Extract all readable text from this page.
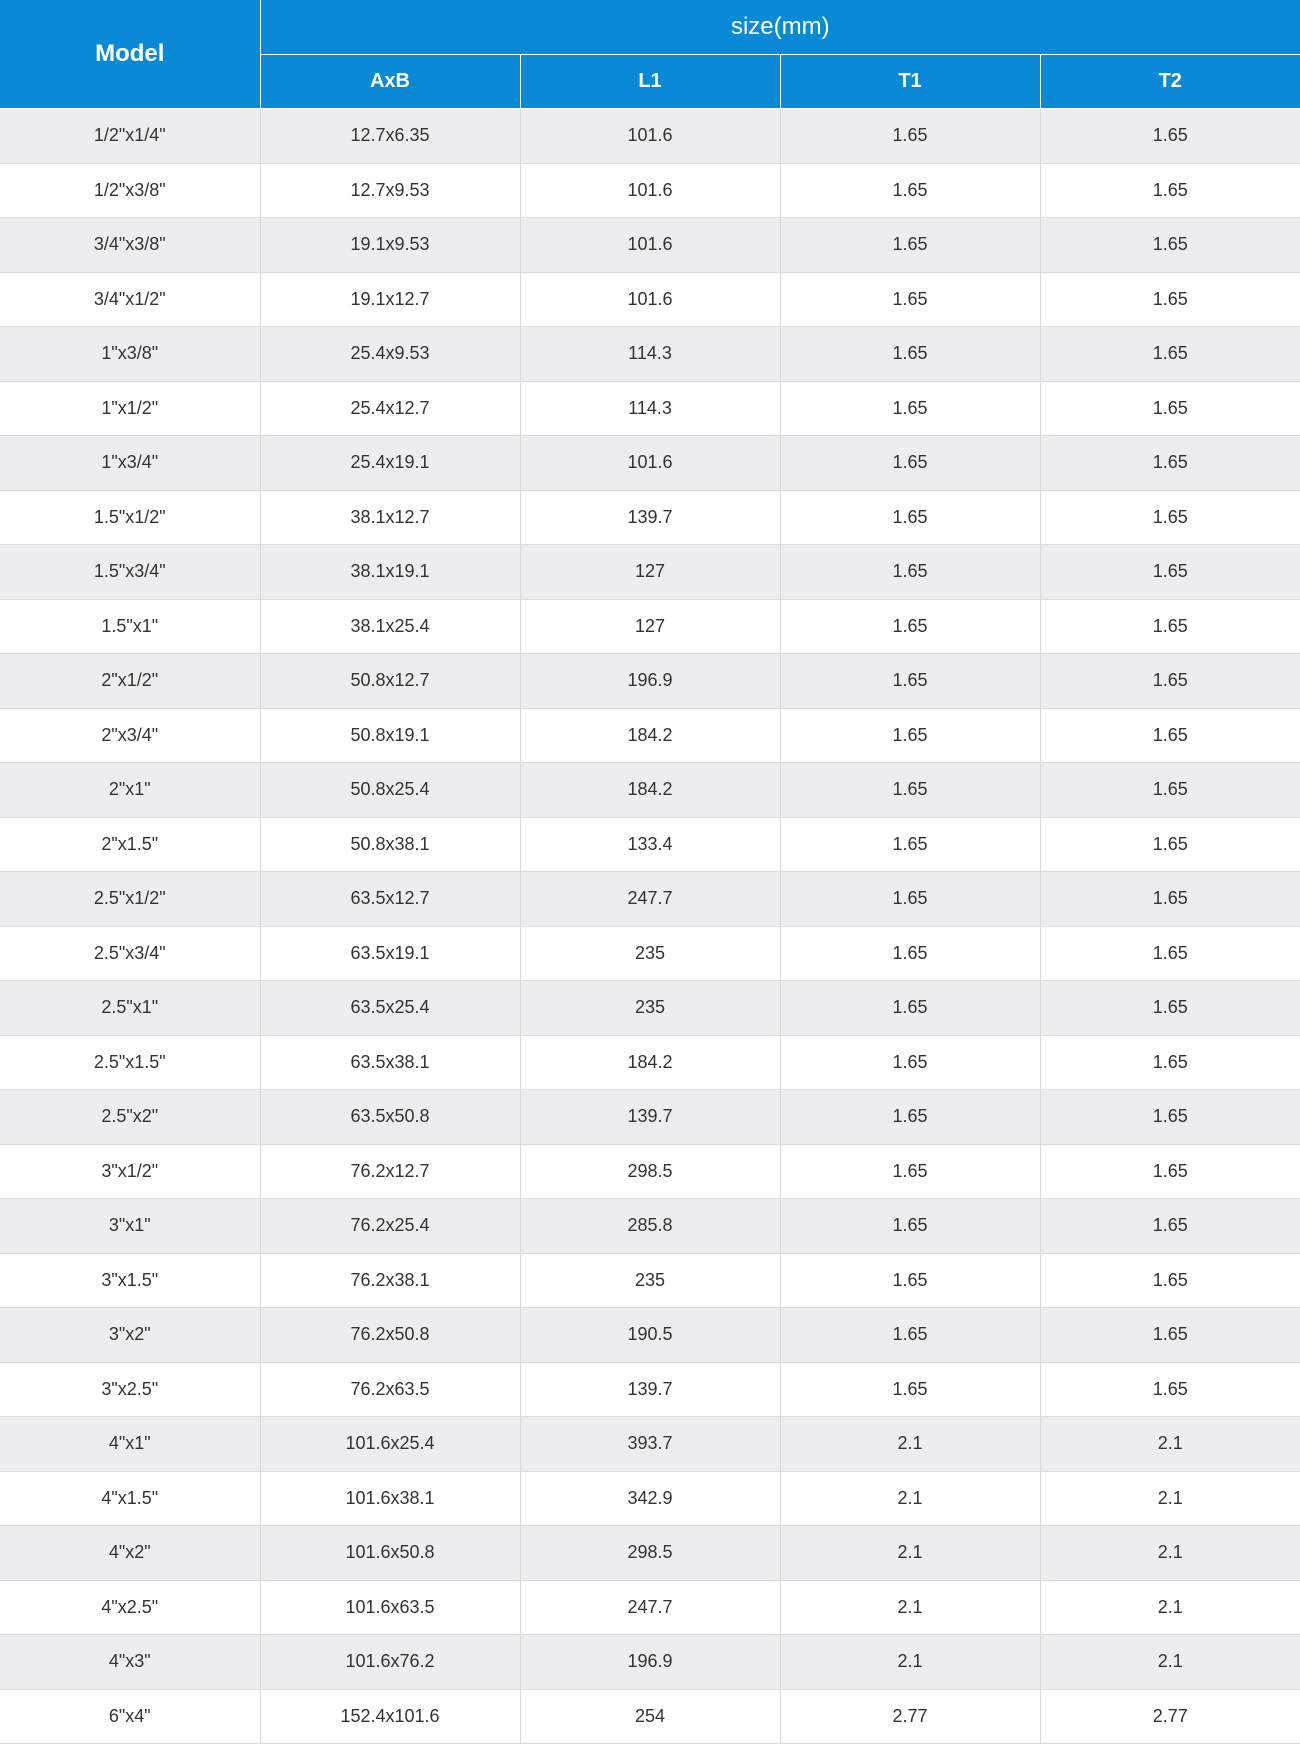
Model	size(mm)			
	AxB	L1	T1	T2
1/2"x1/4"	12.7x6.35	101.6	1.65	1.65
1/2"x3/8"	12.7x9.53	101.6	1.65	1.65
3/4"x3/8"	19.1x9.53	101.6	1.65	1.65
3/4"x1/2"	19.1x12.7	101.6	1.65	1.65
1"x3/8"	25.4x9.53	114.3	1.65	1.65
1"x1/2"	25.4x12.7	114.3	1.65	1.65
1"x3/4"	25.4x19.1	101.6	1.65	1.65
1.5"x1/2"	38.1x12.7	139.7	1.65	1.65
1.5"x3/4"	38.1x19.1	127	1.65	1.65
1.5"x1"	38.1x25.4	127	1.65	1.65
2"x1/2"	50.8x12.7	196.9	1.65	1.65
2"x3/4"	50.8x19.1	184.2	1.65	1.65
2"x1"	50.8x25.4	184.2	1.65	1.65
2"x1.5"	50.8x38.1	133.4	1.65	1.65
2.5"x1/2"	63.5x12.7	247.7	1.65	1.65
2.5"x3/4"	63.5x19.1	235	1.65	1.65
2.5"x1"	63.5x25.4	235	1.65	1.65
2.5"x1.5"	63.5x38.1	184.2	1.65	1.65
2.5"x2"	63.5x50.8	139.7	1.65	1.65
3"x1/2"	76.2x12.7	298.5	1.65	1.65
3"x1"	76.2x25.4	285.8	1.65	1.65
3"x1.5"	76.2x38.1	235	1.65	1.65
3"x2"	76.2x50.8	190.5	1.65	1.65
3"x2.5"	76.2x63.5	139.7	1.65	1.65
4"x1"	101.6x25.4	393.7	2.1	2.1
4"x1.5"	101.6x38.1	342.9	2.1	2.1
4"x2"	101.6x50.8	298.5	2.1	2.1
4"x2.5"	101.6x63.5	247.7	2.1	2.1
4"x3"	101.6x76.2	196.9	2.1	2.1
6"x4"	152.4x101.6	254	2.77	2.77
